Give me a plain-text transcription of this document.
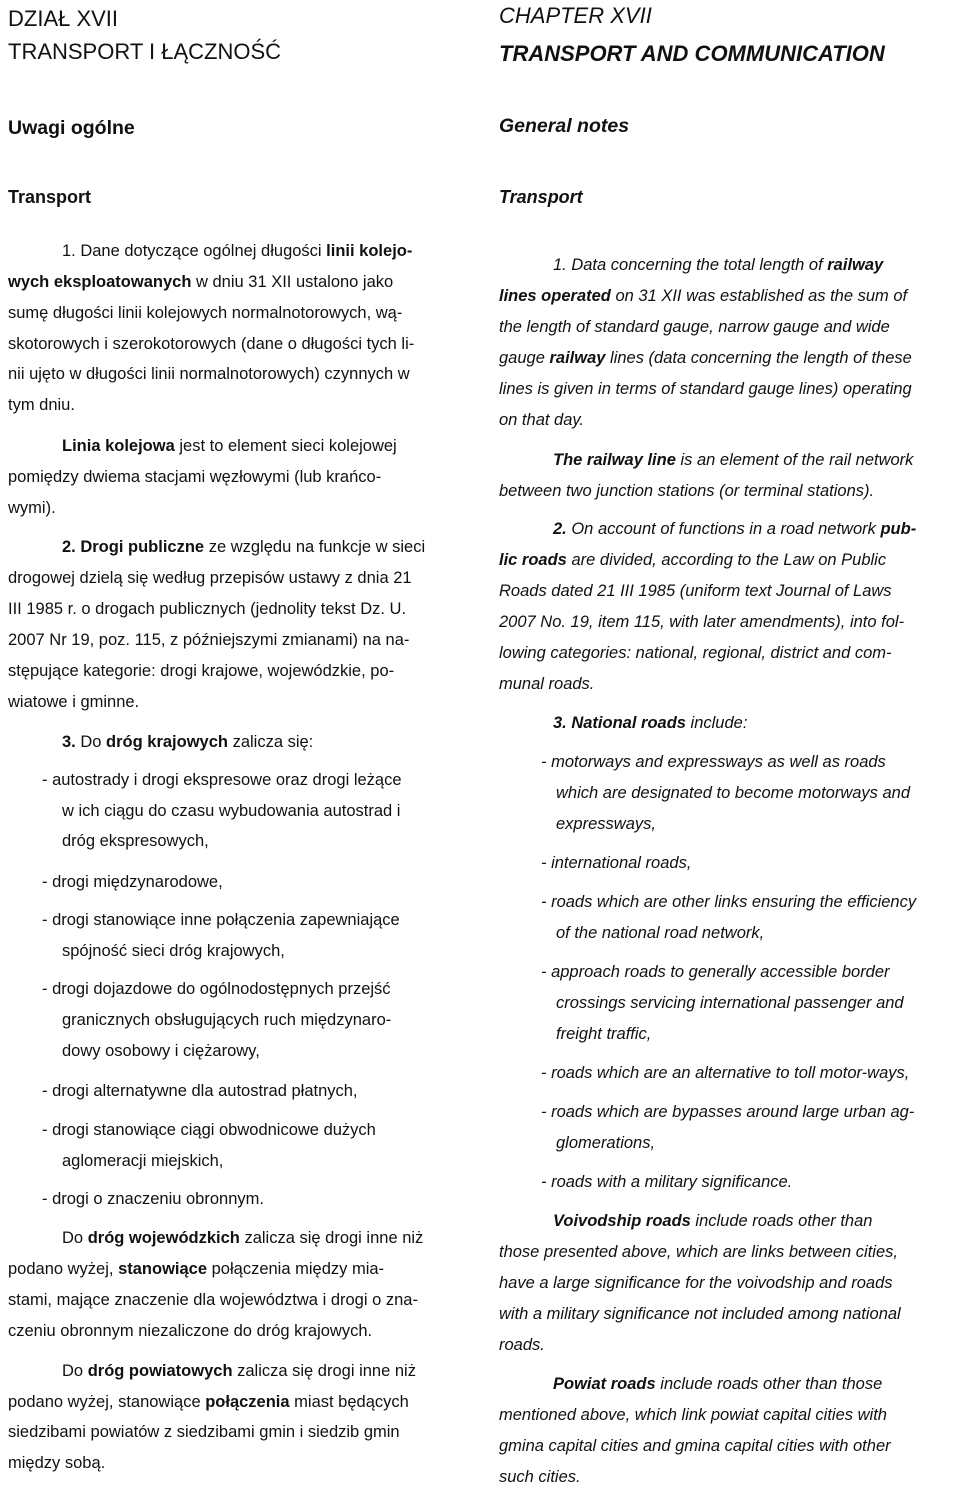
DZIAŁ XVII
TRANSPORT I ŁĄCZNOŚĆ
Uwagi ogólne
Transport
1. Dane dotyczące ogólnej długości linii kolejo-
wych eksploatowanych w dniu 31 XII ustalono jako
sumę długości linii kolejowych normalnotorowych, wą-
skotorowych i szerokotorowych (dane o długości tych li-
nii ujęto w długości linii normalnotorowych) czynnych w
tym dniu.
Linia kolejowa jest to element sieci kolejowej
pomiędzy dwiema stacjami węzłowymi (lub krańco-
wymi).
2. Drogi publiczne ze względu na funkcje w sieci
drogowej dzielą się według przepisów ustawy z dnia 21
III 1985 r. o drogach publicznych (jednolity tekst Dz. U.
2007 Nr 19, poz. 115, z późniejszymi zmianami) na na-
stępujące kategorie: drogi krajowe, wojewódzkie, po-
wiatowe i gminne.
3. Do dróg krajowych zalicza się:
- autostrady i drogi ekspresowe oraz drogi leżące
w ich ciągu do czasu wybudowania autostrad i
dróg ekspresowych,
- drogi międzynarodowe,
- drogi stanowiące inne połączenia zapewniające
spójność sieci dróg krajowych,
- drogi dojazdowe do ogólnodostępnych przejść
granicznych obsługujących ruch międzynaro-
dowy osobowy i ciężarowy,
- drogi alternatywne dla autostrad płatnych,
- drogi stanowiące ciągi obwodnicowe dużych
aglomeracji miejskich,
- drogi o znaczeniu obronnym.
Do dróg wojewódzkich zalicza się drogi inne niż
podano wyżej, stanowiące połączenia między mia-
stami, mające znaczenie dla województwa i drogi o zna-
czeniu obronnym niezaliczone do dróg krajowych.
Do dróg powiatowych zalicza się drogi inne niż
podano wyżej, stanowiące połączenia miast będących
siedzibami powiatów z siedzibami gmin i siedzib gmin
między sobą.
CHAPTER XVII
TRANSPORT AND COMMUNICATION
General notes
Transport
1. Data concerning the total length of railway
lines operated on 31 XII was established as the sum of
the length of standard gauge, narrow gauge and wide
gauge railway lines (data concerning the length of these
lines is given in terms of standard gauge lines) operating
on that day.
The railway line is an element of the rail network
between two junction stations (or terminal stations).
2. On account of functions in a road network pub-
lic roads are divided, according to the Law on Public
Roads dated 21 III 1985 (uniform text Journal of Laws
2007 No. 19, item 115, with later amendments), into fol-
lowing categories: national, regional, district and com-
munal roads.
3. National roads include:
- motorways and expressways as well as roads
which are designated to become motorways and
expressways,
- international roads,
- roads which are other links ensuring the efficiency
of the national road network,
- approach roads to generally accessible border
crossings servicing international passenger and
freight traffic,
- roads which are an alternative to toll motor-ways,
- roads which are bypasses around large urban ag-
glomerations,
- roads with a military significance.
Voivodship roads include roads other than
those presented above, which are links between cities,
have a large significance for the voivodship and roads
with a military significance not included among national
roads.
Powiat roads include roads other than those
mentioned above, which link powiat capital cities with
gmina capital cities and gmina capital cities with other
such cities.
